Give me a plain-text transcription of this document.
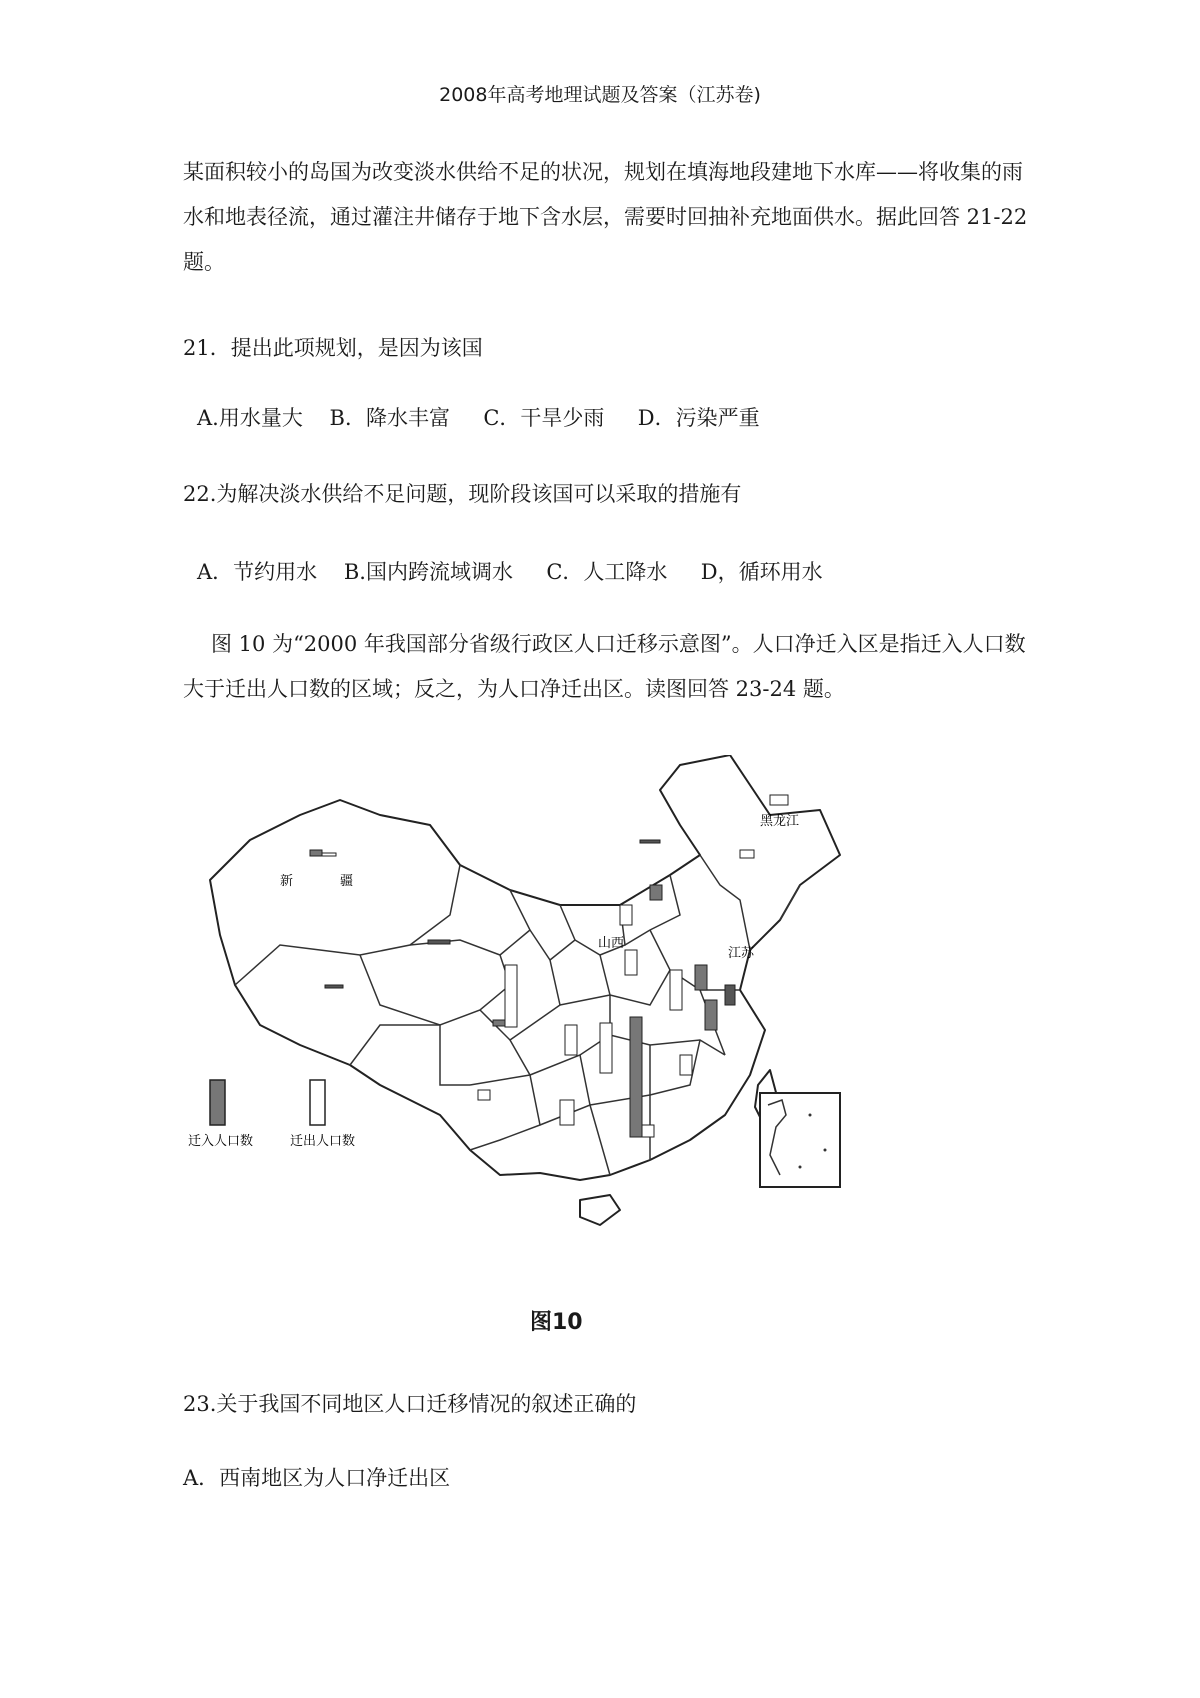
2008年高考地理试题及答案（江苏卷)
某面积较小的岛国为改变淡水供给不足的状况，规划在填海地段建地下水库——将收集的雨水和地表径流，通过灌注井储存于地下含水层，需要时回抽补充地面供水。据此回答 21-22 题。
21．提出此项规划，是因为该国
A.用水量大    B．降水丰富     C．干旱少雨     D．污染严重
22.为解决淡水供给不足问题，现阶段该国可以采取的措施有
A．节约用水    B.国内跨流域调水     C．人工降水     D，循环用水
图 10 为“2000 年我国部分省级行政区人口迁移示意图”。人口净迁入区是指迁入人口数大于迁出人口数的区域；反之，为人口净迁出区。读图回答 23-24 题。
新	疆
黑龙江
山西
江苏
迁入人口数	迁出人口数
图10
23.关于我国不同地区人口迁移情况的叙述正确的
A．西南地区为人口净迁出区
